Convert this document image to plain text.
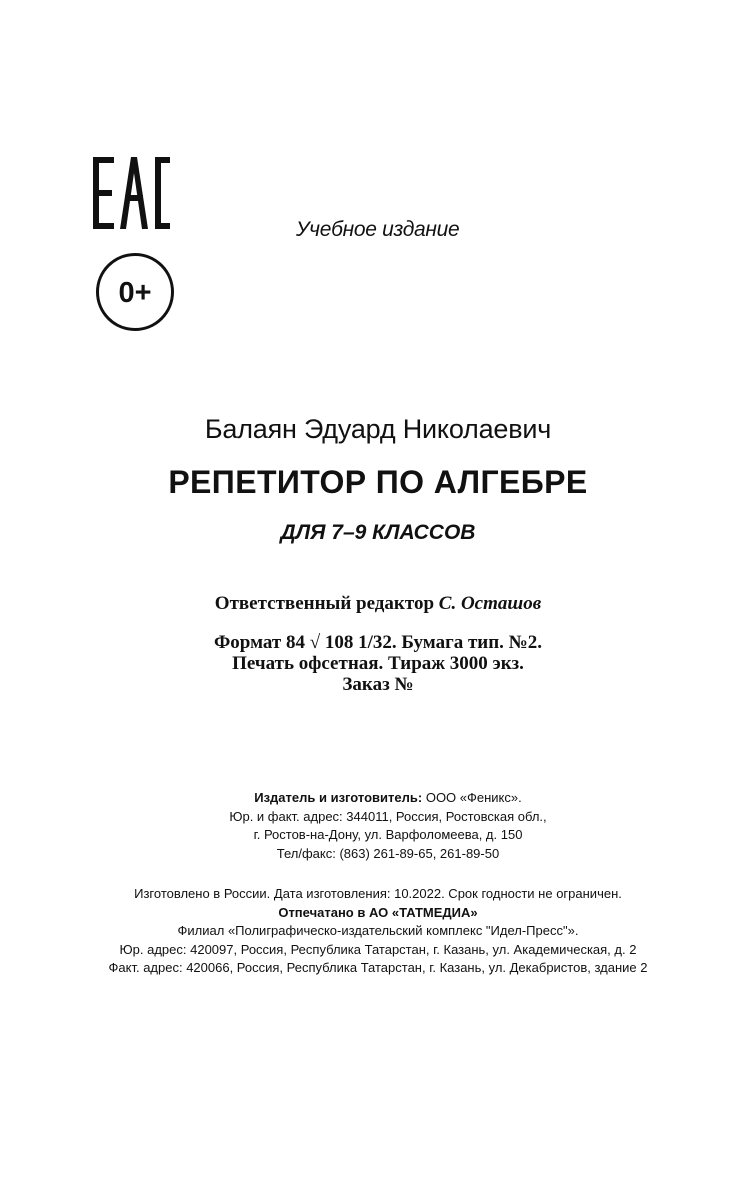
0+
Учебное издание
Балаян Эдуард Николаевич
РЕПЕТИТОР ПО АЛГЕБРЕ
ДЛЯ 7–9 КЛАССОВ
Ответственный редактор С. Осташов
Формат 84 √ 108 1/32. Бумага тип. №2.
Печать офсетная. Тираж 3000 экз.
Заказ №
Издатель и изготовитель: ООО «Феникс».
Юр. и факт. адрес: 344011, Россия, Ростовская обл.,
г. Ростов-на-Дону, ул. Варфоломеева, д. 150
Тел/факс: (863) 261-89-65, 261-89-50
Изготовлено в России. Дата изготовления: 10.2022. Срок годности не ограничен.
Отпечатано в АО «ТАТМЕДИА»
Филиал «Полиграфическо-издательский комплекс "Идел-Пресс"».
Юр. адрес: 420097, Россия, Республика Татарстан, г. Казань, ул. Академическая, д. 2
Факт. адрес: 420066, Россия, Республика Татарстан, г. Казань, ул. Декабристов, здание 2
